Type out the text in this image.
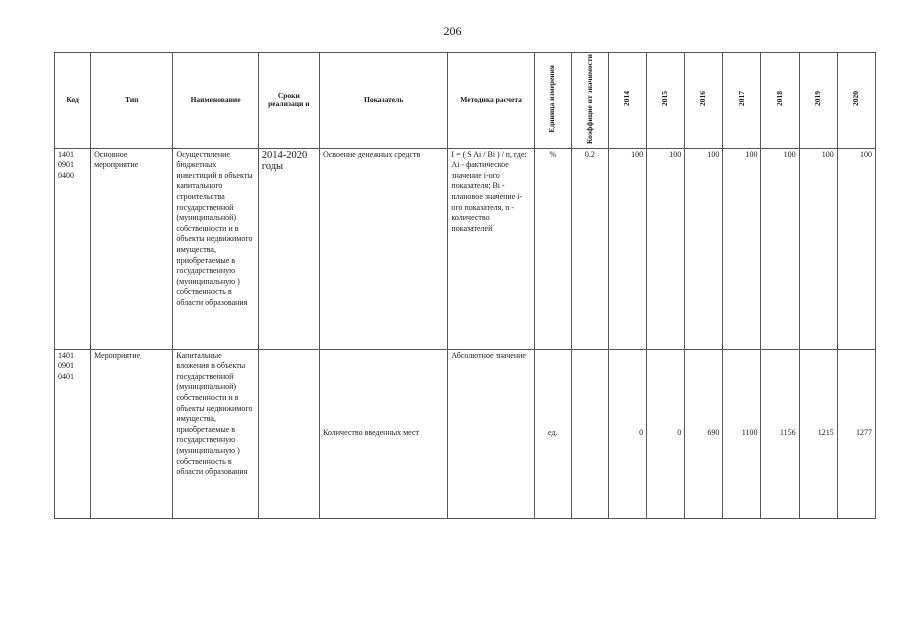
206
Код	Тип	Наименование	Сроки реализаци и	Показатель	Методика расчета	Единица измерения	Коэффицие нт значимости	2014	2015	2016	2017	2018	2019	2020
1401 0901 0400	Основное мероприятие	Осуществление бюджетных инвестиций в объекты капитального строительства государственной (муниципальной) собственности и в объекты недвижимого имущества, приобретаемые в государственную (муниципальную ) собственность в области образования	2014-2020 годы	Освоение денежных средств	I = ( S Ai / Bi ) / n, где: Ai - фактическое значение i-ого показателя; Bi - плановое значение i-ого показателя, n - количество показателей	%	0.2	100	100	100	100	100	100	100
1401 0901 0401	Мероприятие	Капитальные вложения в объекты государственной (муниципальной) собственности и в объекты недвижимого имущества, приобретаемые в государственную (муниципальную ) собственность в области образования		Количество введенных мест	Абсолютное значение	ед.		0	0	690	1100	1156	1215	1277
